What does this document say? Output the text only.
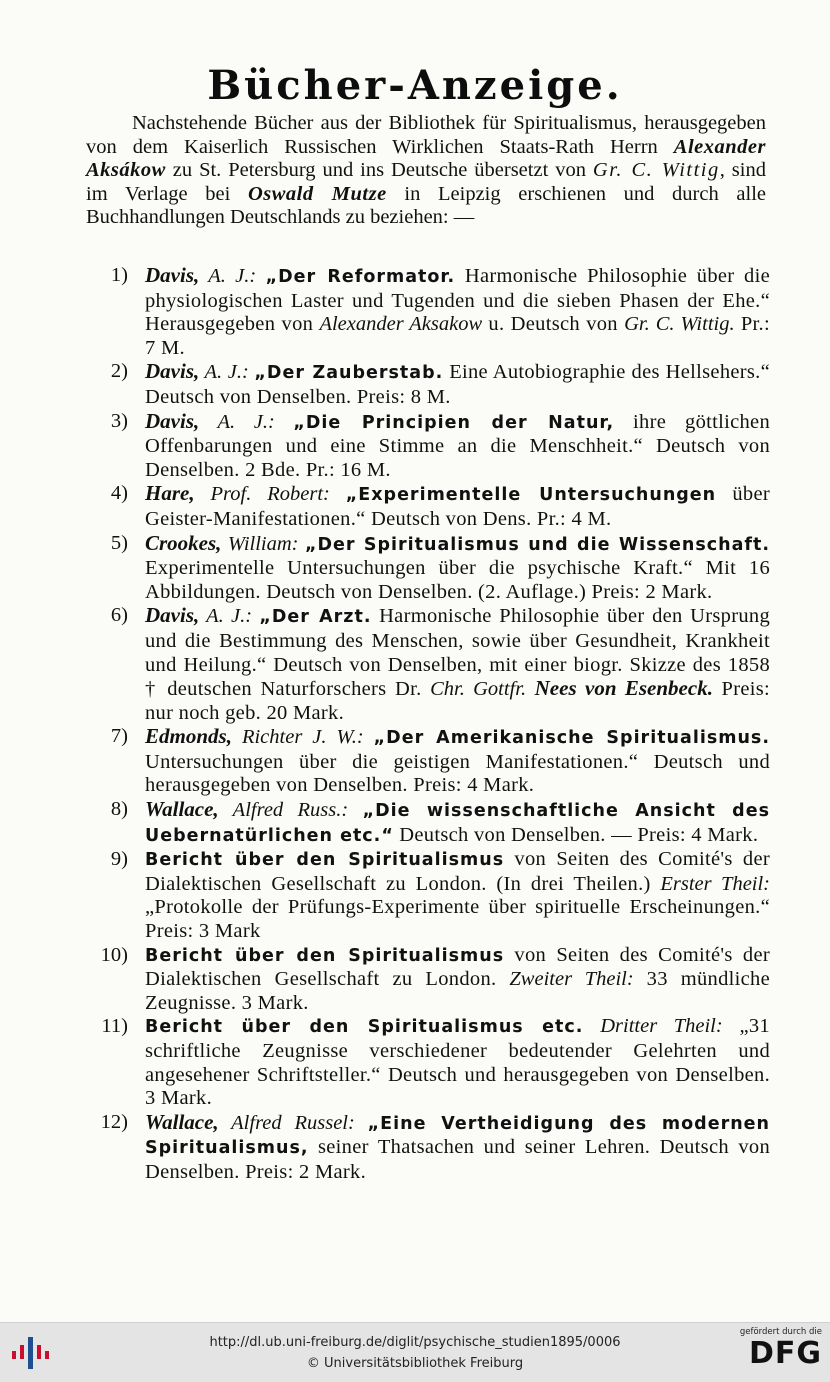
Bücher-Anzeige.
Nachstehende Bücher aus der Bibliothek für Spiritualismus, herausgegeben von dem Kaiserlich Russischen Wirklichen Staats-Rath Herrn Alexander Aksákow zu St. Petersburg und ins Deutsche übersetzt von Gr. C. Wittig, sind im Verlage bei Oswald Mutze in Leipzig erschienen und durch alle Buchhandlungen Deutschlands zu beziehen: —
1) Davis, A. J.: „Der Reformator. Harmonische Philosophie über die physiologischen Laster und Tugenden und die sieben Phasen der Ehe.“ Herausgegeben von Alexander Aksakow u. Deutsch von Gr. C. Wittig. Pr.: 7 M.
2) Davis, A. J.: „Der Zauberstab. Eine Autobiographie des Hellsehers.“ Deutsch von Denselben. Preis: 8 M.
3) Davis, A. J.: „Die Principien der Natur, ihre göttlichen Offenbarungen und eine Stimme an die Menschheit.“ Deutsch von Denselben. 2 Bde. Pr.: 16 M.
4) Hare, Prof. Robert: „Experimentelle Untersuchungen über Geister-Manifestationen.“ Deutsch von Dens. Pr.: 4 M.
5) Crookes, William: „Der Spiritualismus und die Wissenschaft. Experimentelle Untersuchungen über die psychische Kraft.“ Mit 16 Abbildungen. Deutsch von Denselben. (2. Auflage.) Preis: 2 Mark.
6) Davis, A. J.: „Der Arzt. Harmonische Philosophie über den Ursprung und die Bestimmung des Menschen, sowie über Gesundheit, Krankheit und Heilung.“ Deutsch von Denselben, mit einer biogr. Skizze des 1858 † deutschen Naturforschers Dr. Chr. Gottfr. Nees von Esenbeck. Preis: nur noch geb. 20 Mark.
7) Edmonds, Richter J. W.: „Der Amerikanische Spiritualismus. Untersuchungen über die geistigen Manifestationen.“ Deutsch und herausgegeben von Denselben. Preis: 4 Mark.
8) Wallace, Alfred Russ.: „Die wissenschaftliche Ansicht des Uebernatürlichen etc.“ Deutsch von Denselben. — Preis: 4 Mark.
9) Bericht über den Spiritualismus von Seiten des Comité's der Dialektischen Gesellschaft zu London. (In drei Theilen.) Erster Theil: „Protokolle der Prüfungs-Experimente über spirituelle Erscheinungen.“ Preis: 3 Mark
10) Bericht über den Spiritualismus von Seiten des Comité's der Dialektischen Gesellschaft zu London. Zweiter Theil: 33 mündliche Zeugnisse. 3 Mark.
11) Bericht über den Spiritualismus etc. Dritter Theil: „31 schriftliche Zeugnisse verschiedener bedeutender Gelehrten und angesehener Schriftsteller.“ Deutsch und herausgegeben von Denselben. 3 Mark.
12) Wallace, Alfred Russel: „Eine Vertheidigung des modernen Spiritualismus, seiner Thatsachen und seiner Lehren. Deutsch von Denselben. Preis: 2 Mark.
http://dl.ub.uni-freiburg.de/diglit/psychische_studien1895/0006
© Universitätsbibliothek Freiburg
gefördert durch die
DFG
